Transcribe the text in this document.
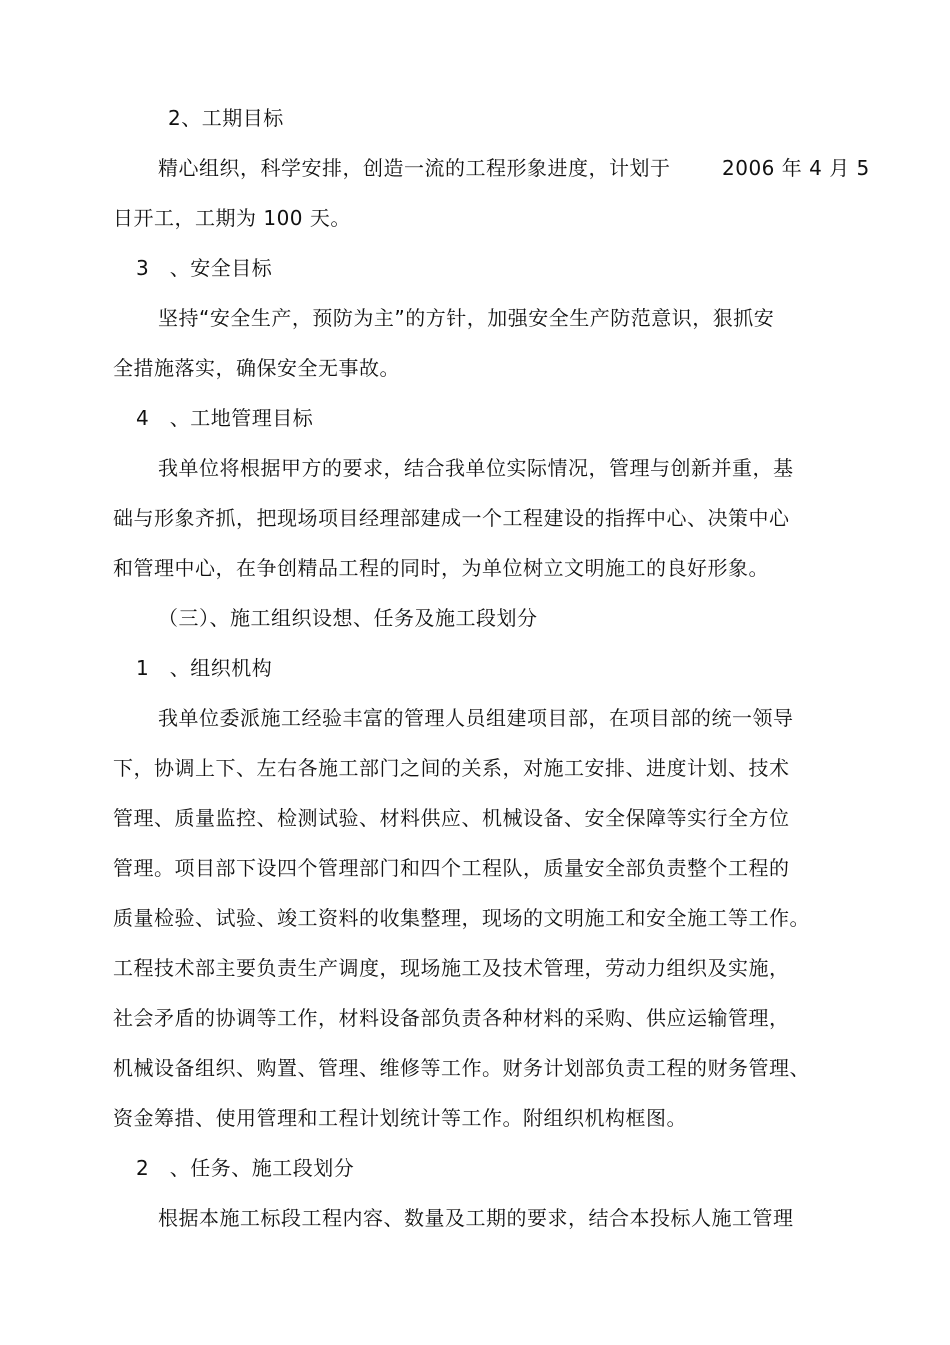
2、工期目标
精心组织，科学安排，创造一流的工程形象进度，计划于	2006 年 4 月 5
日开工，工期为 100 天。
3　、安全目标
坚持“安全生产，预防为主”的方针，加强安全生产防范意识，狠抓安
全措施落实，确保安全无事故。
4　、工地管理目标
我单位将根据甲方的要求，结合我单位实际情况，管理与创新并重，基
础与形象齐抓，把现场项目经理部建成一个工程建设的指挥中心、决策中心
和管理中心，在争创精品工程的同时，为单位树立文明施工的良好形象。
（三）、施工组织设想、任务及施工段划分
1　、组织机构
我单位委派施工经验丰富的管理人员组建项目部，在项目部的统一领导
下，协调上下、左右各施工部门之间的关系，对施工安排、进度计划、技术
管理、质量监控、检测试验、材料供应、机械设备、安全保障等实行全方位
管理。项目部下设四个管理部门和四个工程队，质量安全部负责整个工程的
质量检验、试验、竣工资料的收集整理，现场的文明施工和安全施工等工作。
工程技术部主要负责生产调度，现场施工及技术管理，劳动力组织及实施，
社会矛盾的协调等工作，材料设备部负责各种材料的采购、供应运输管理，
机械设备组织、购置、管理、维修等工作。财务计划部负责工程的财务管理、
资金筹措、使用管理和工程计划统计等工作。附组织机构框图。
2　、任务、施工段划分
根据本施工标段工程内容、数量及工期的要求，结合本投标人施工管理
